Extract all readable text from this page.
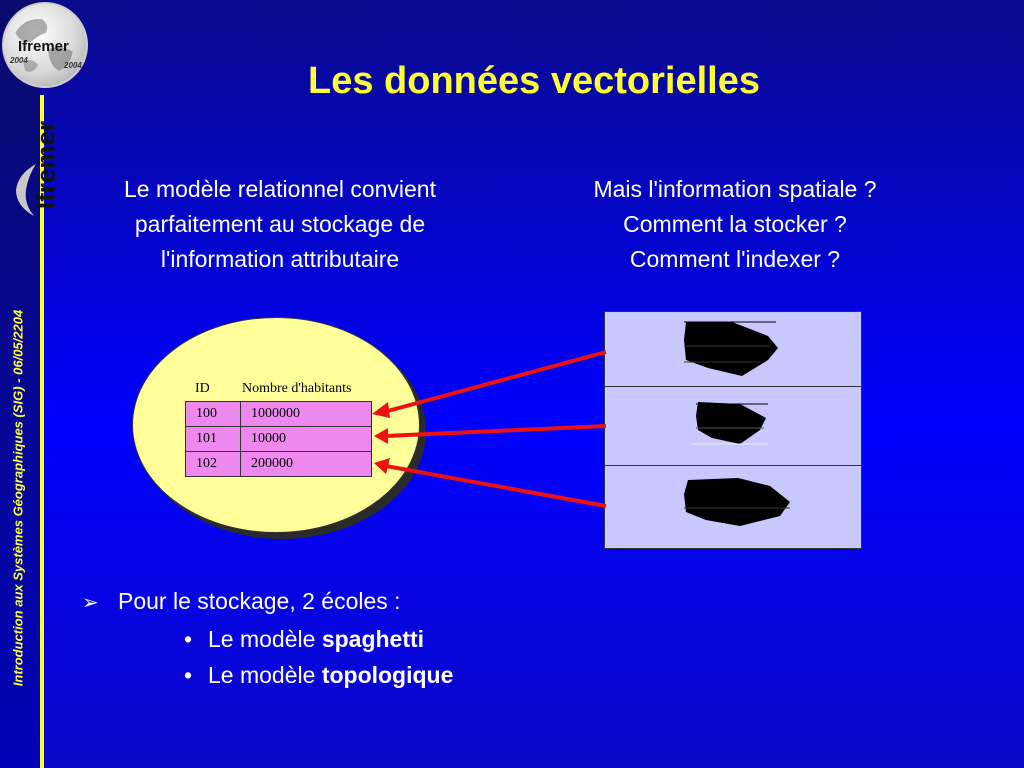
Ifremer
2004
2004
Ifremer
Introduction aux Systèmes Géographiques (SIG) - 06/05/2204
Les données vectorielles
Le modèle relationnel convient
parfaitement au stockage de
l'information attributaire
Mais l'information spatiale ?
Comment la stocker ?
Comment l'indexer ?
ID Nombre d'habitants
100	1000000
101	10000
102	200000
➢ Pour le stockage, 2 écoles :
• Le modèle spaghetti
• Le modèle topologique
